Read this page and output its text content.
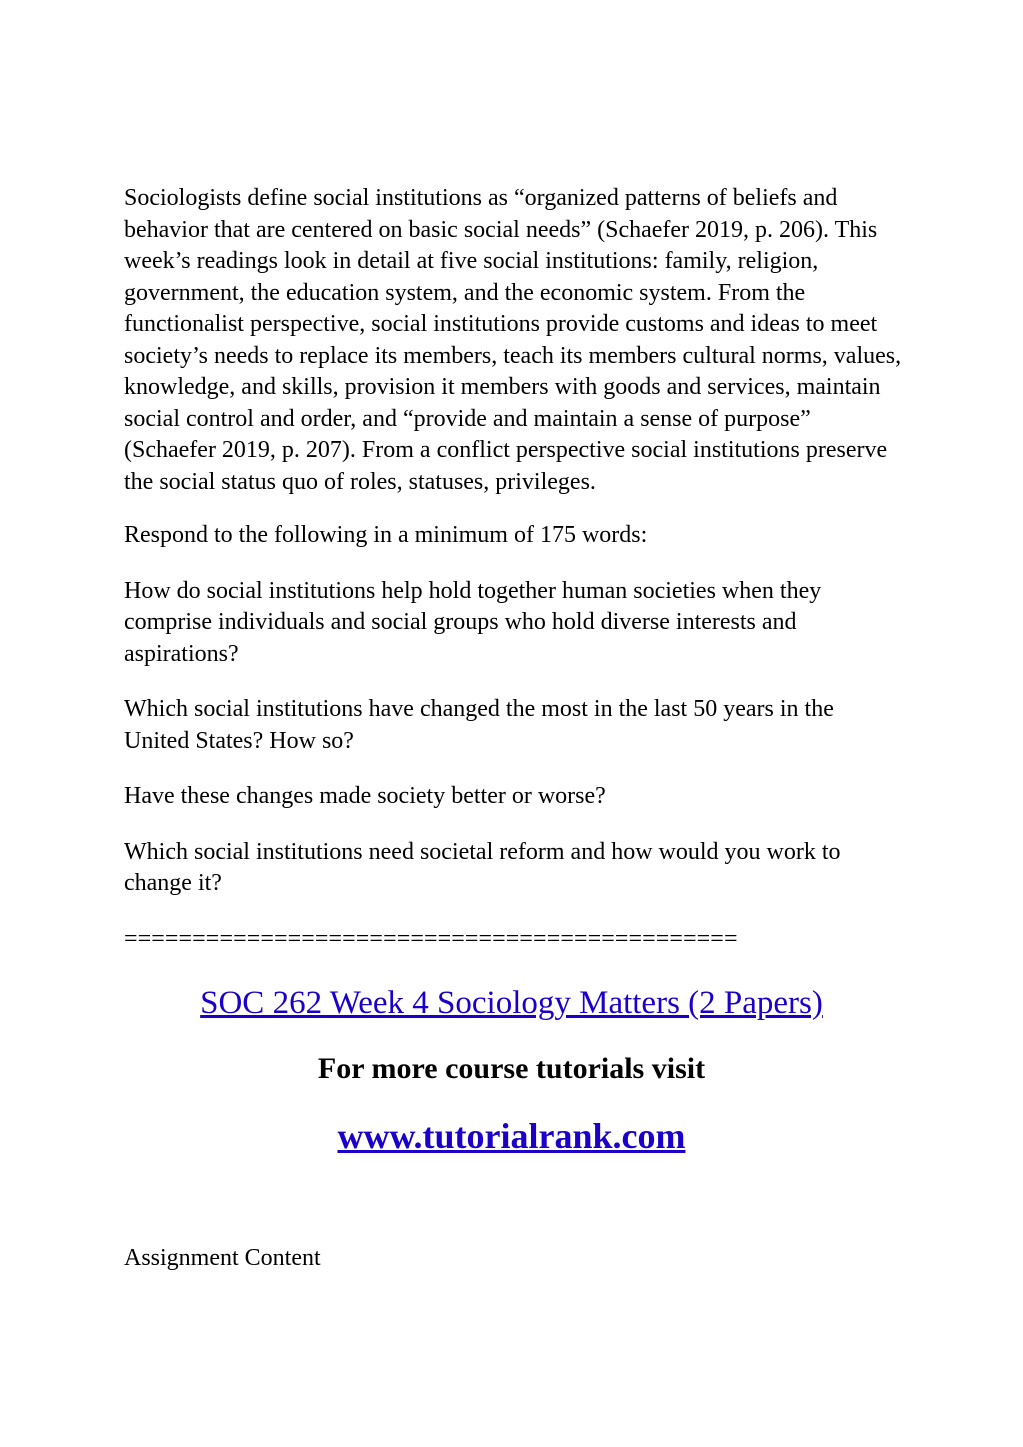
Sociologists define social institutions as “organized patterns of beliefs and behavior that are centered on basic social needs” (Schaefer 2019, p. 206). This week’s readings look in detail at five social institutions: family, religion, government, the education system, and the economic system. From the functionalist perspective, social institutions provide customs and ideas to meet society’s needs to replace its members, teach its members cultural norms, values, knowledge, and skills, provision it members with goods and services, maintain social control and order, and “provide and maintain a sense of purpose” (Schaefer 2019, p. 207). From a conflict perspective social institutions preserve the social status quo of roles, statuses, privileges.

Respond to the following in a minimum of 175 words:

How do social institutions help hold together human societies when they comprise individuals and social groups who hold diverse interests and aspirations?

Which social institutions have changed the most in the last 50 years in the United States? How so?

Have these changes made society better or worse?

Which social institutions need societal reform and how would you work to change it?

=============================================
SOC 262 Week 4 Sociology Matters (2 Papers)
For more course tutorials visit
www.tutorialrank.com
Assignment Content
